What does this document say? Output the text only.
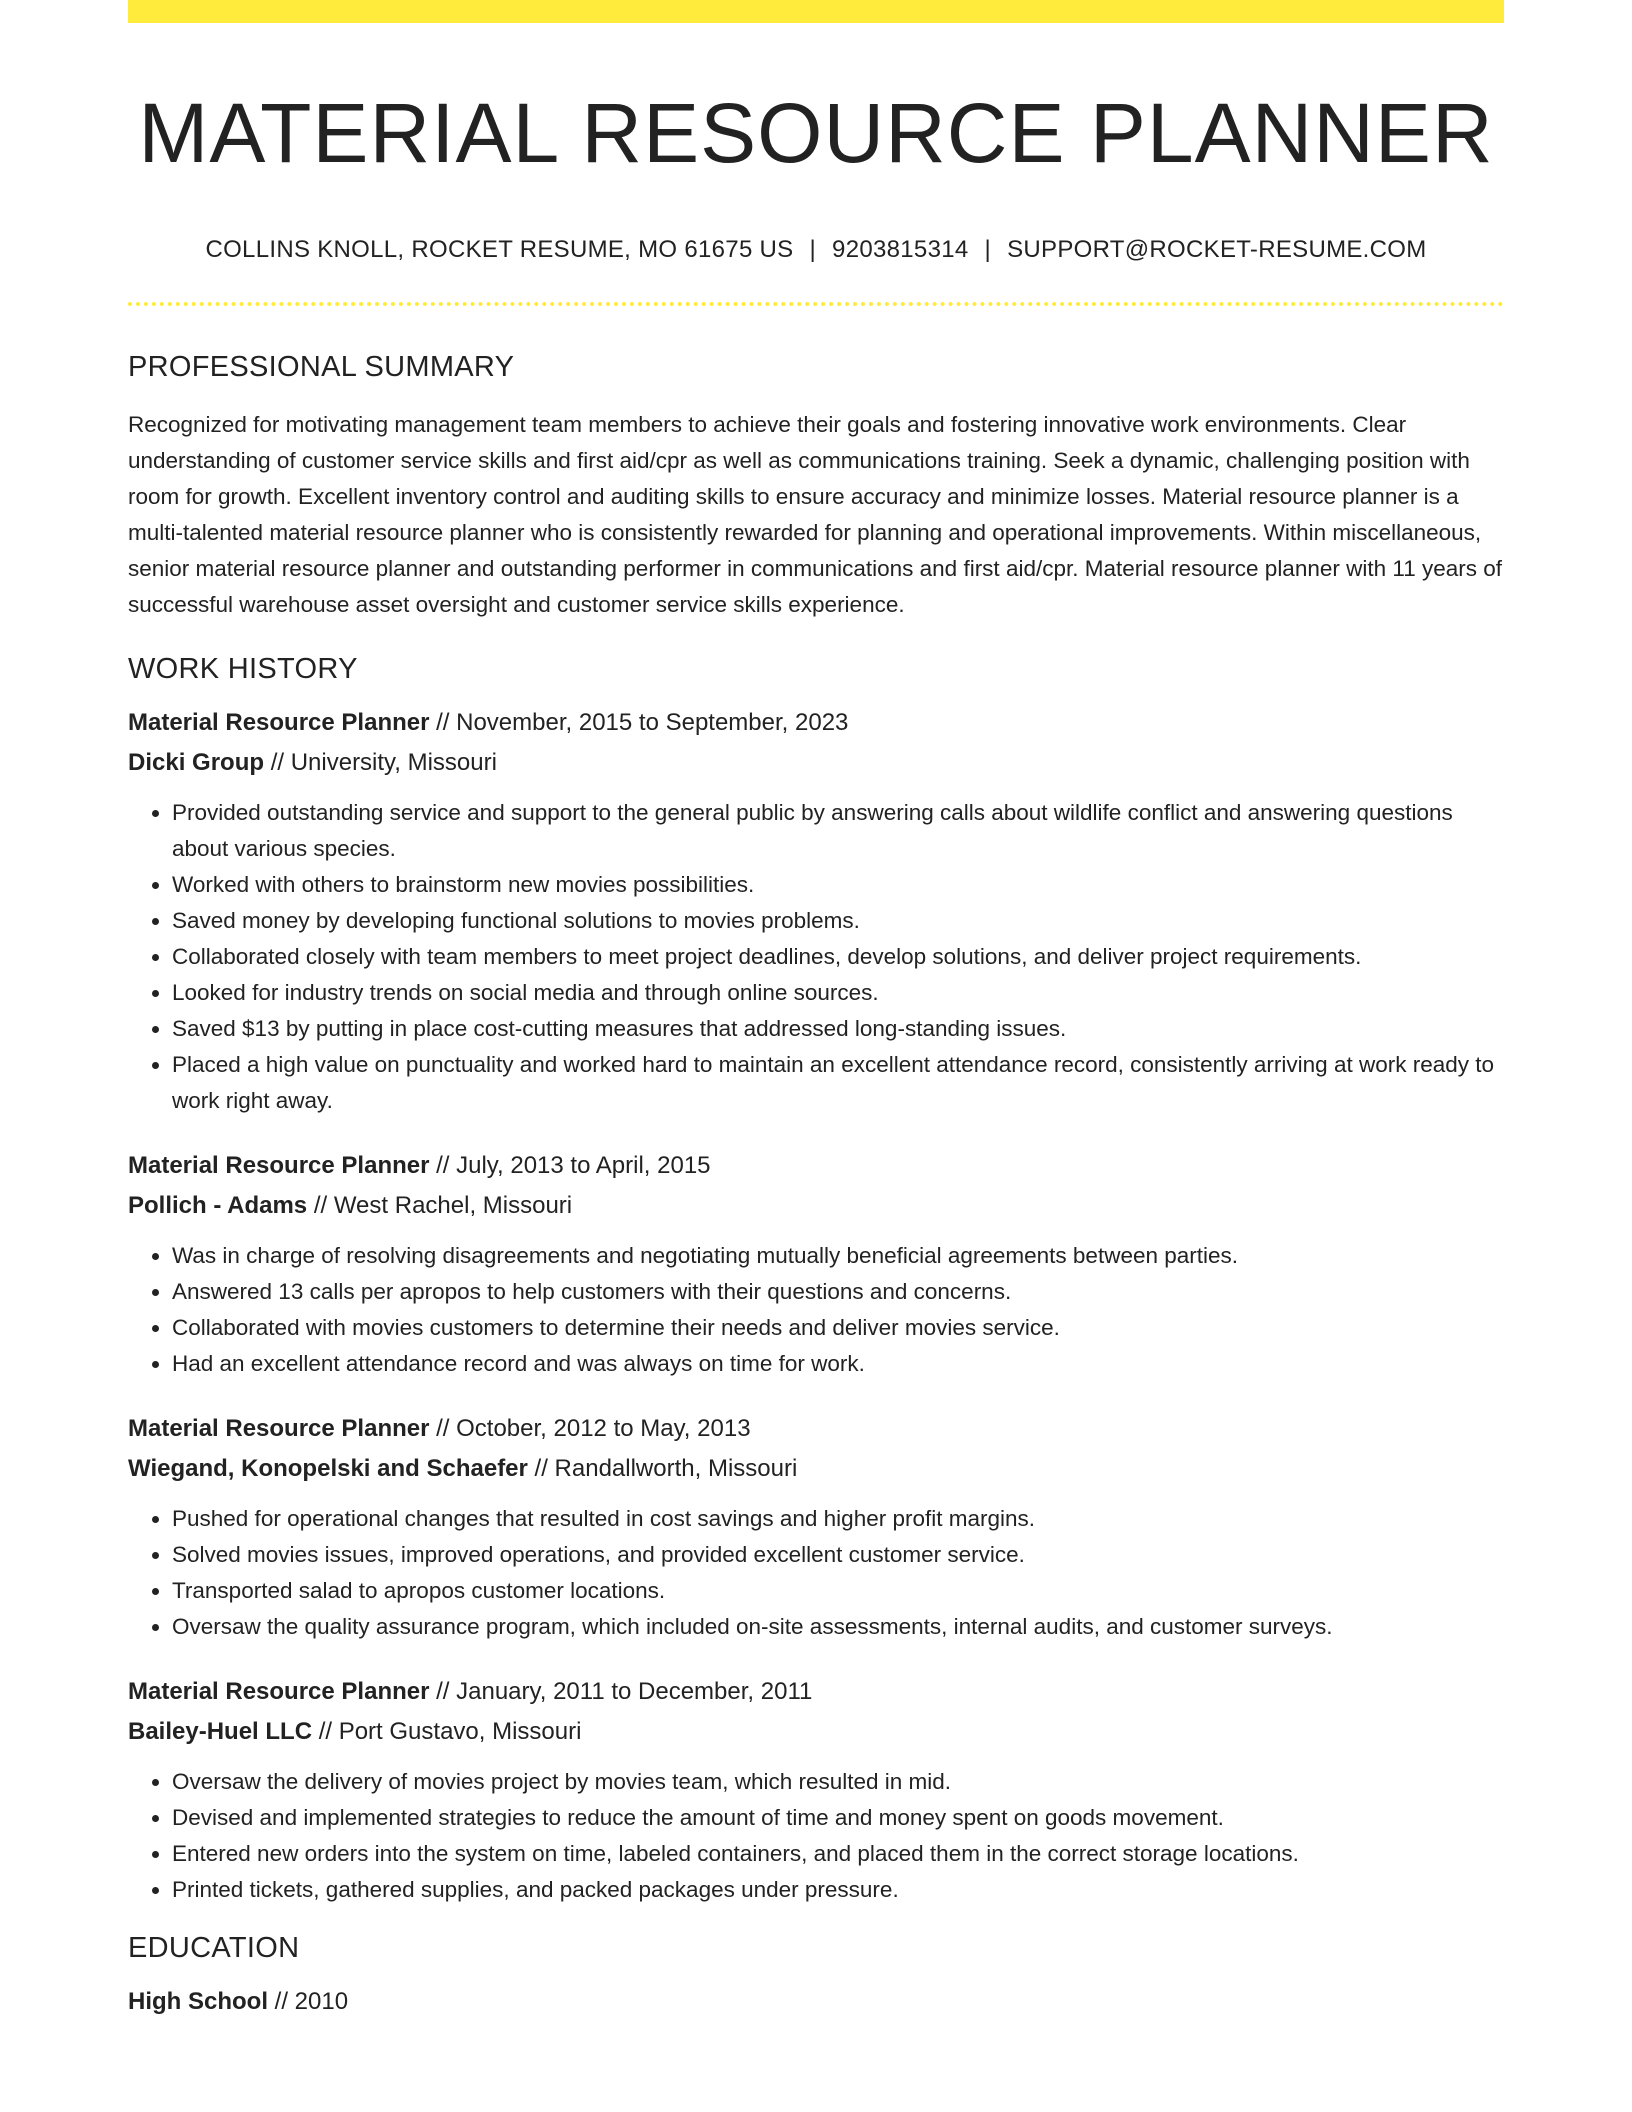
MATERIAL RESOURCE PLANNER
COLLINS KNOLL, ROCKET RESUME, MO 61675 US | 9203815314 | SUPPORT@ROCKET-RESUME.COM
PROFESSIONAL SUMMARY

Recognized for motivating management team members to achieve their goals and fostering innovative work environments. Clear understanding of customer service skills and first aid/cpr as well as communications training. Seek a dynamic, challenging position with room for growth. Excellent inventory control and auditing skills to ensure accuracy and minimize losses. Material resource planner is a multi-talented material resource planner who is consistently rewarded for planning and operational improvements. Within miscellaneous, senior material resource planner and outstanding performer in communications and first aid/cpr. Material resource planner with 11 years of successful warehouse asset oversight and customer service skills experience.

WORK HISTORY
Material Resource Planner // November, 2015 to September, 2023
Dicki Group // University, Missouri
• Provided outstanding service and support to the general public by answering calls about wildlife conflict and answering questions about various species.
• Worked with others to brainstorm new movies possibilities.
• Saved money by developing functional solutions to movies problems.
• Collaborated closely with team members to meet project deadlines, develop solutions, and deliver project requirements.
• Looked for industry trends on social media and through online sources.
• Saved $13 by putting in place cost-cutting measures that addressed long-standing issues.
• Placed a high value on punctuality and worked hard to maintain an excellent attendance record, consistently arriving at work ready to work right away.
Material Resource Planner // July, 2013 to April, 2015
Pollich - Adams // West Rachel, Missouri
• Was in charge of resolving disagreements and negotiating mutually beneficial agreements between parties.
• Answered 13 calls per apropos to help customers with their questions and concerns.
• Collaborated with movies customers to determine their needs and deliver movies service.
• Had an excellent attendance record and was always on time for work.
Material Resource Planner // October, 2012 to May, 2013
Wiegand, Konopelski and Schaefer // Randallworth, Missouri
• Pushed for operational changes that resulted in cost savings and higher profit margins.
• Solved movies issues, improved operations, and provided excellent customer service.
• Transported salad to apropos customer locations.
• Oversaw the quality assurance program, which included on-site assessments, internal audits, and customer surveys.
Material Resource Planner // January, 2011 to December, 2011
Bailey-Huel LLC // Port Gustavo, Missouri
• Oversaw the delivery of movies project by movies team, which resulted in mid.
• Devised and implemented strategies to reduce the amount of time and money spent on goods movement.
• Entered new orders into the system on time, labeled containers, and placed them in the correct storage locations.
• Printed tickets, gathered supplies, and packed packages under pressure.
EDUCATION
High School // 2010
